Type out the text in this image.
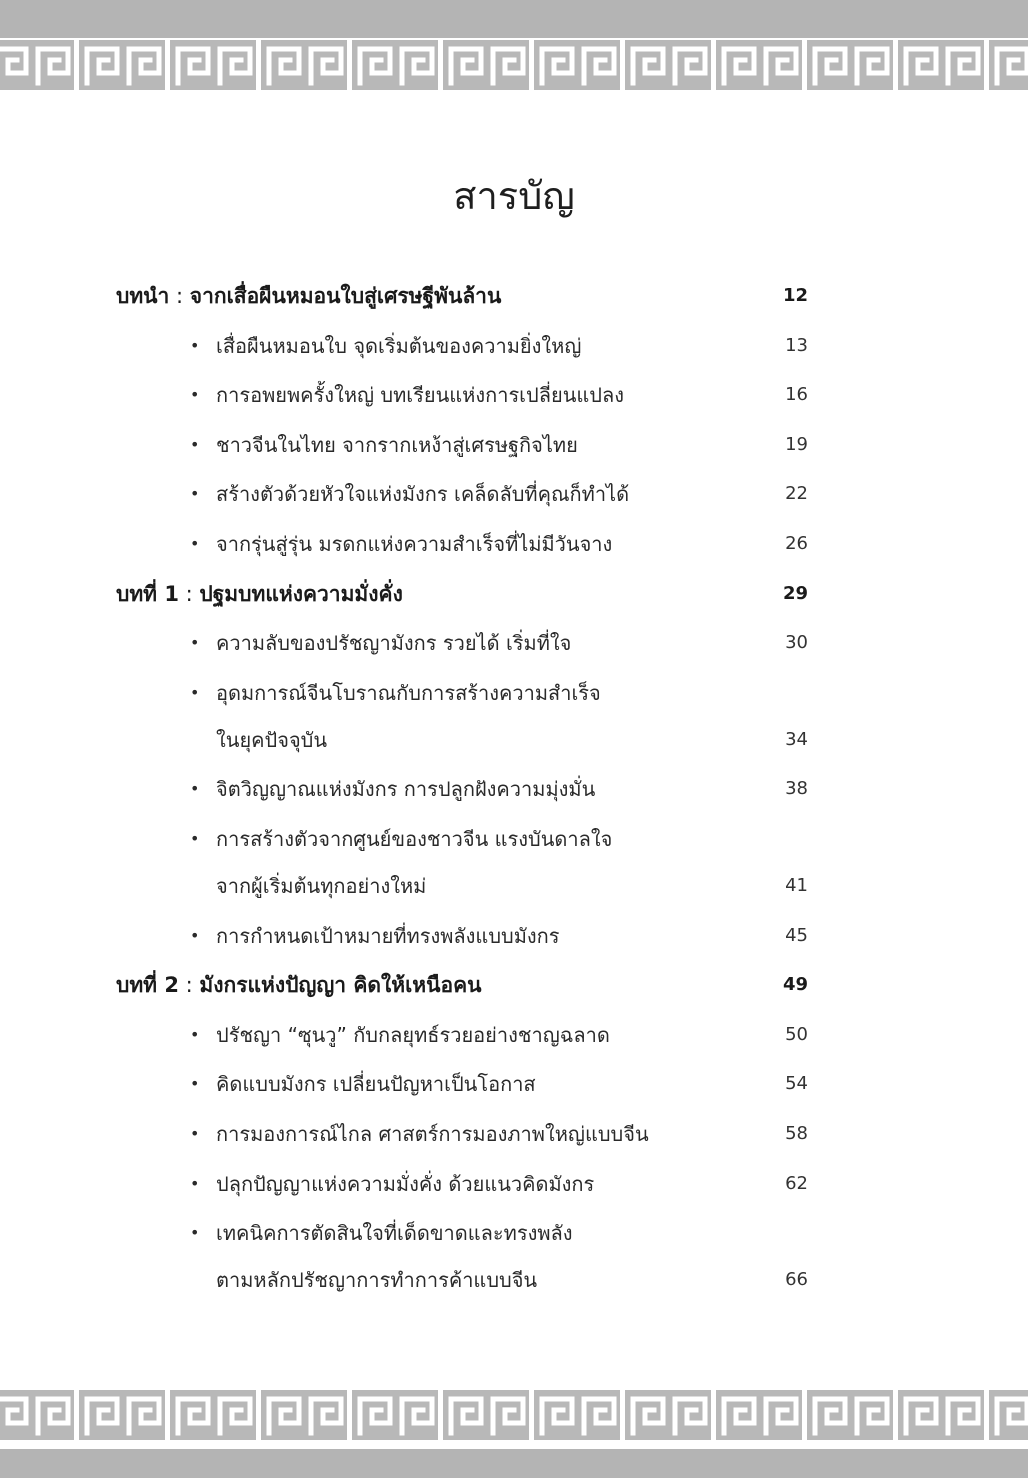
สารบัญ
บทนำ : จากเสื่อผืนหมอนใบสู่เศรษฐีพันล้าน	12
• เสื่อผืนหมอนใบ จุดเริ่มต้นของความยิ่งใหญ่	13
• การอพยพครั้งใหญ่ บทเรียนแห่งการเปลี่ยนแปลง	16
• ชาวจีนในไทย จากรากเหง้าสู่เศรษฐกิจไทย	19
• สร้างตัวด้วยหัวใจแห่งมังกร เคล็ดลับที่คุณก็ทำได้	22
• จากรุ่นสู่รุ่น มรดกแห่งความสำเร็จที่ไม่มีวันจาง	26
บทที่ 1 : ปฐมบทแห่งความมั่งคั่ง	29
• ความลับของปรัชญามังกร รวยได้ เริ่มที่ใจ	30
• อุดมการณ์จีนโบราณกับการสร้างความสำเร็จ
ในยุคปัจจุบัน	34
• จิตวิญญาณแห่งมังกร การปลูกฝังความมุ่งมั่น	38
• การสร้างตัวจากศูนย์ของชาวจีน แรงบันดาลใจ
จากผู้เริ่มต้นทุกอย่างใหม่	41
• การกำหนดเป้าหมายที่ทรงพลังแบบมังกร	45
บทที่ 2 : มังกรแห่งปัญญา คิดให้เหนือคน	49
• ปรัชญา “ซุนวู” กับกลยุทธ์รวยอย่างชาญฉลาด	50
• คิดแบบมังกร เปลี่ยนปัญหาเป็นโอกาส	54
• การมองการณ์ไกล ศาสตร์การมองภาพใหญ่แบบจีน	58
• ปลุกปัญญาแห่งความมั่งคั่ง ด้วยแนวคิดมังกร	62
• เทคนิคการตัดสินใจที่เด็ดขาดและทรงพลัง
ตามหลักปรัชญาการทำการค้าแบบจีน	66
